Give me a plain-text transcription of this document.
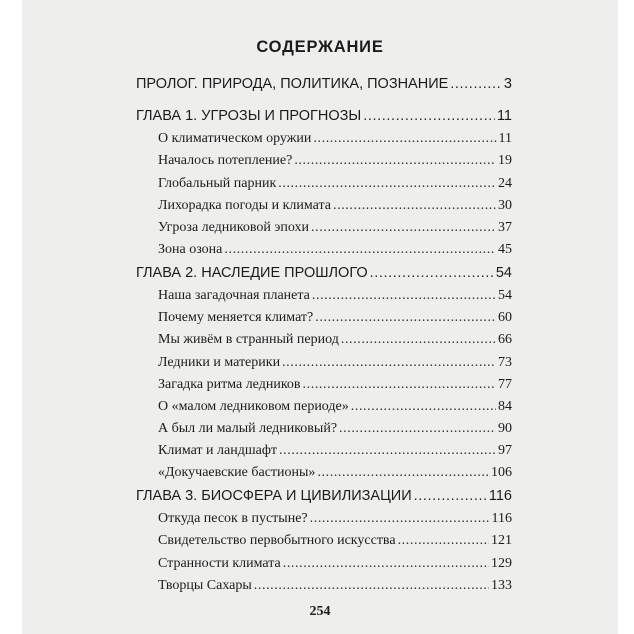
СОДЕРЖАНИЕ
ПРОЛОГ. ПРИРОДА, ПОЛИТИКА, ПОЗНАНИЕ .....	3
ГЛАВА 1. УГРОЗЫ И ПРОГНОЗЫ .....	11
О климатическом оружии .....	11
Началось потепление? .....	19
Глобальный парник .....	24
Лихорадка погоды и климата .....	30
Угроза ледниковой эпохи .....	37
Зона озона .....	45
ГЛАВА 2. НАСЛЕДИЕ ПРОШЛОГО .....	54
Наша загадочная планета .....	54
Почему меняется климат? .....	60
Мы живём в странный период .....	66
Ледники и материки .....	73
Загадка ритма ледников .....	77
О «малом ледниковом периоде» .....	84
А был ли малый ледниковый? .....	90
Климат и ландшафт .....	97
«Докучаевские бастионы» .....	106
ГЛАВА 3. БИОСФЕРА И ЦИВИЛИЗАЦИИ .....	116
Откуда песок в пустыне? .....	116
Свидетельство первобытного искусства .....	121
Странности климата .....	129
Творцы Сахары .....	133
254
